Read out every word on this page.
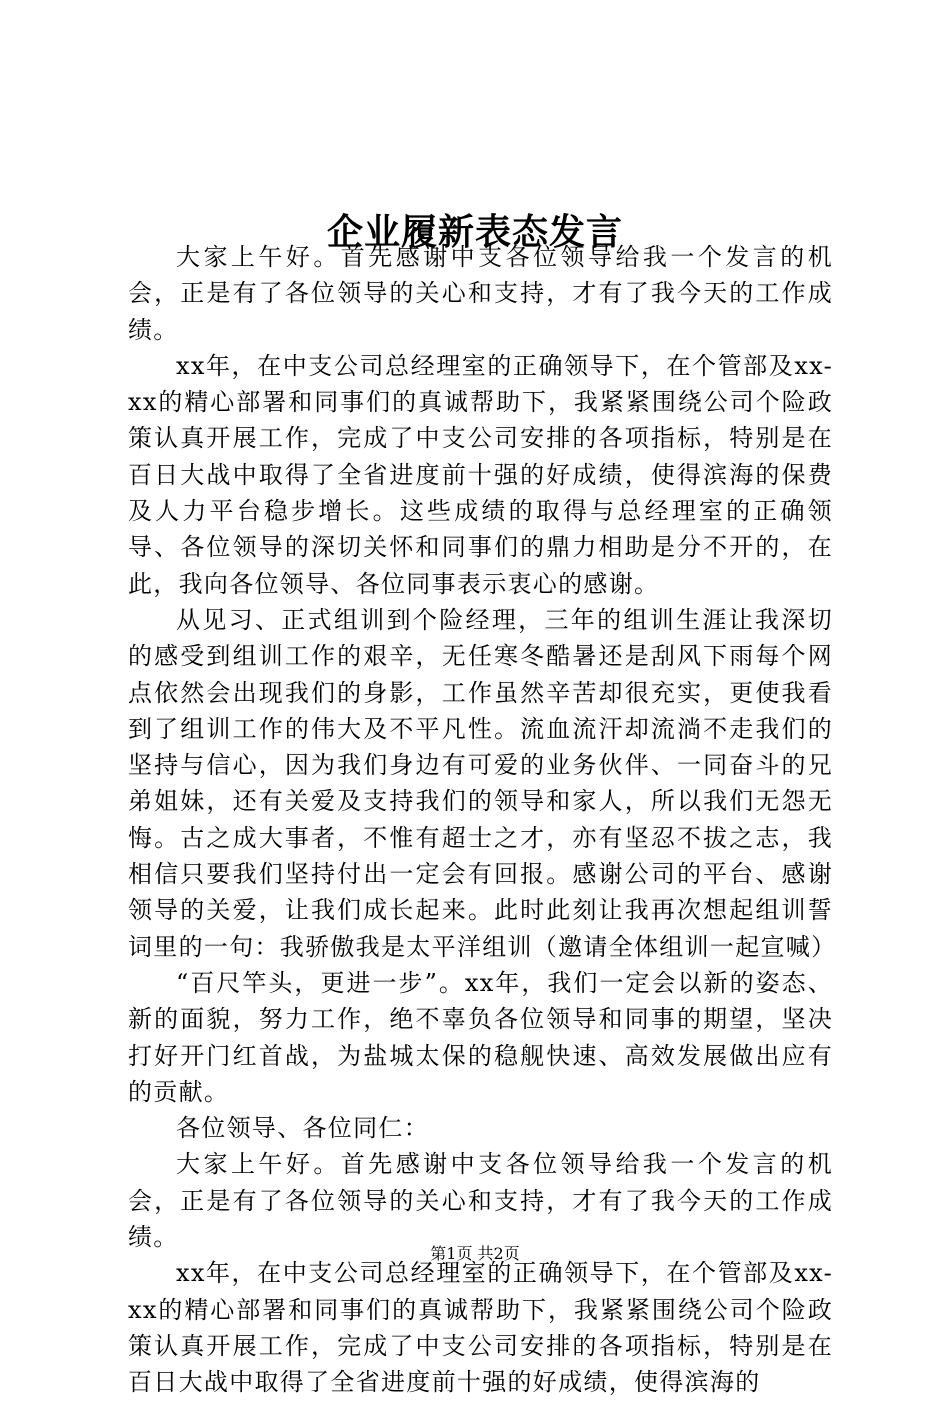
企业履新表态发言

大家上午好。首先感谢中支各位领导给我一个发言的机会，正是有了各位领导的关心和支持，才有了我今天的工作成绩。

xx年，在中支公司总经理室的正确领导下，在个管部及xx-xx的精心部署和同事们的真诚帮助下，我紧紧围绕公司个险政策认真开展工作，完成了中支公司安排的各项指标，特别是在百日大战中取得了全省进度前十强的好成绩，使得滨海的保费及人力平台稳步增长。这些成绩的取得与总经理室的正确领导、各位领导的深切关怀和同事们的鼎力相助是分不开的，在此，我向各位领导、各位同事表示衷心的感谢。

从见习、正式组训到个险经理，三年的组训生涯让我深切的感受到组训工作的艰辛，无任寒冬酷暑还是刮风下雨每个网点依然会出现我们的身影，工作虽然辛苦却很充实，更使我看到了组训工作的伟大及不平凡性。流血流汗却流淌不走我们的坚持与信心，因为我们身边有可爱的业务伙伴、一同奋斗的兄弟姐妹，还有关爱及支持我们的领导和家人，所以我们无怨无悔。古之成大事者，不惟有超士之才，亦有坚忍不拔之志，我相信只要我们坚持付出一定会有回报。感谢公司的平台、感谢领导的关爱，让我们成长起来。此时此刻让我再次想起组训誓词里的一句：我骄傲我是太平洋组训（邀请全体组训一起宣喊）

“百尺竿头，更进一步”。xx年，我们一定会以新的姿态、新的面貌，努力工作，绝不辜负各位领导和同事的期望，坚决打好开门红首战，为盐城太保的稳舰快速、高效发展做出应有的贡献。

各位领导、各位同仁：

大家上午好。首先感谢中支各位领导给我一个发言的机会，正是有了各位领导的关心和支持，才有了我今天的工作成绩。

xx年，在中支公司总经理室的正确领导下，在个管部及xx-xx的精心部署和同事们的真诚帮助下，我紧紧围绕公司个险政策认真开展工作，完成了中支公司安排的各项指标，特别是在百日大战中取得了全省进度前十强的好成绩，使得滨海的

第1页 共2页
